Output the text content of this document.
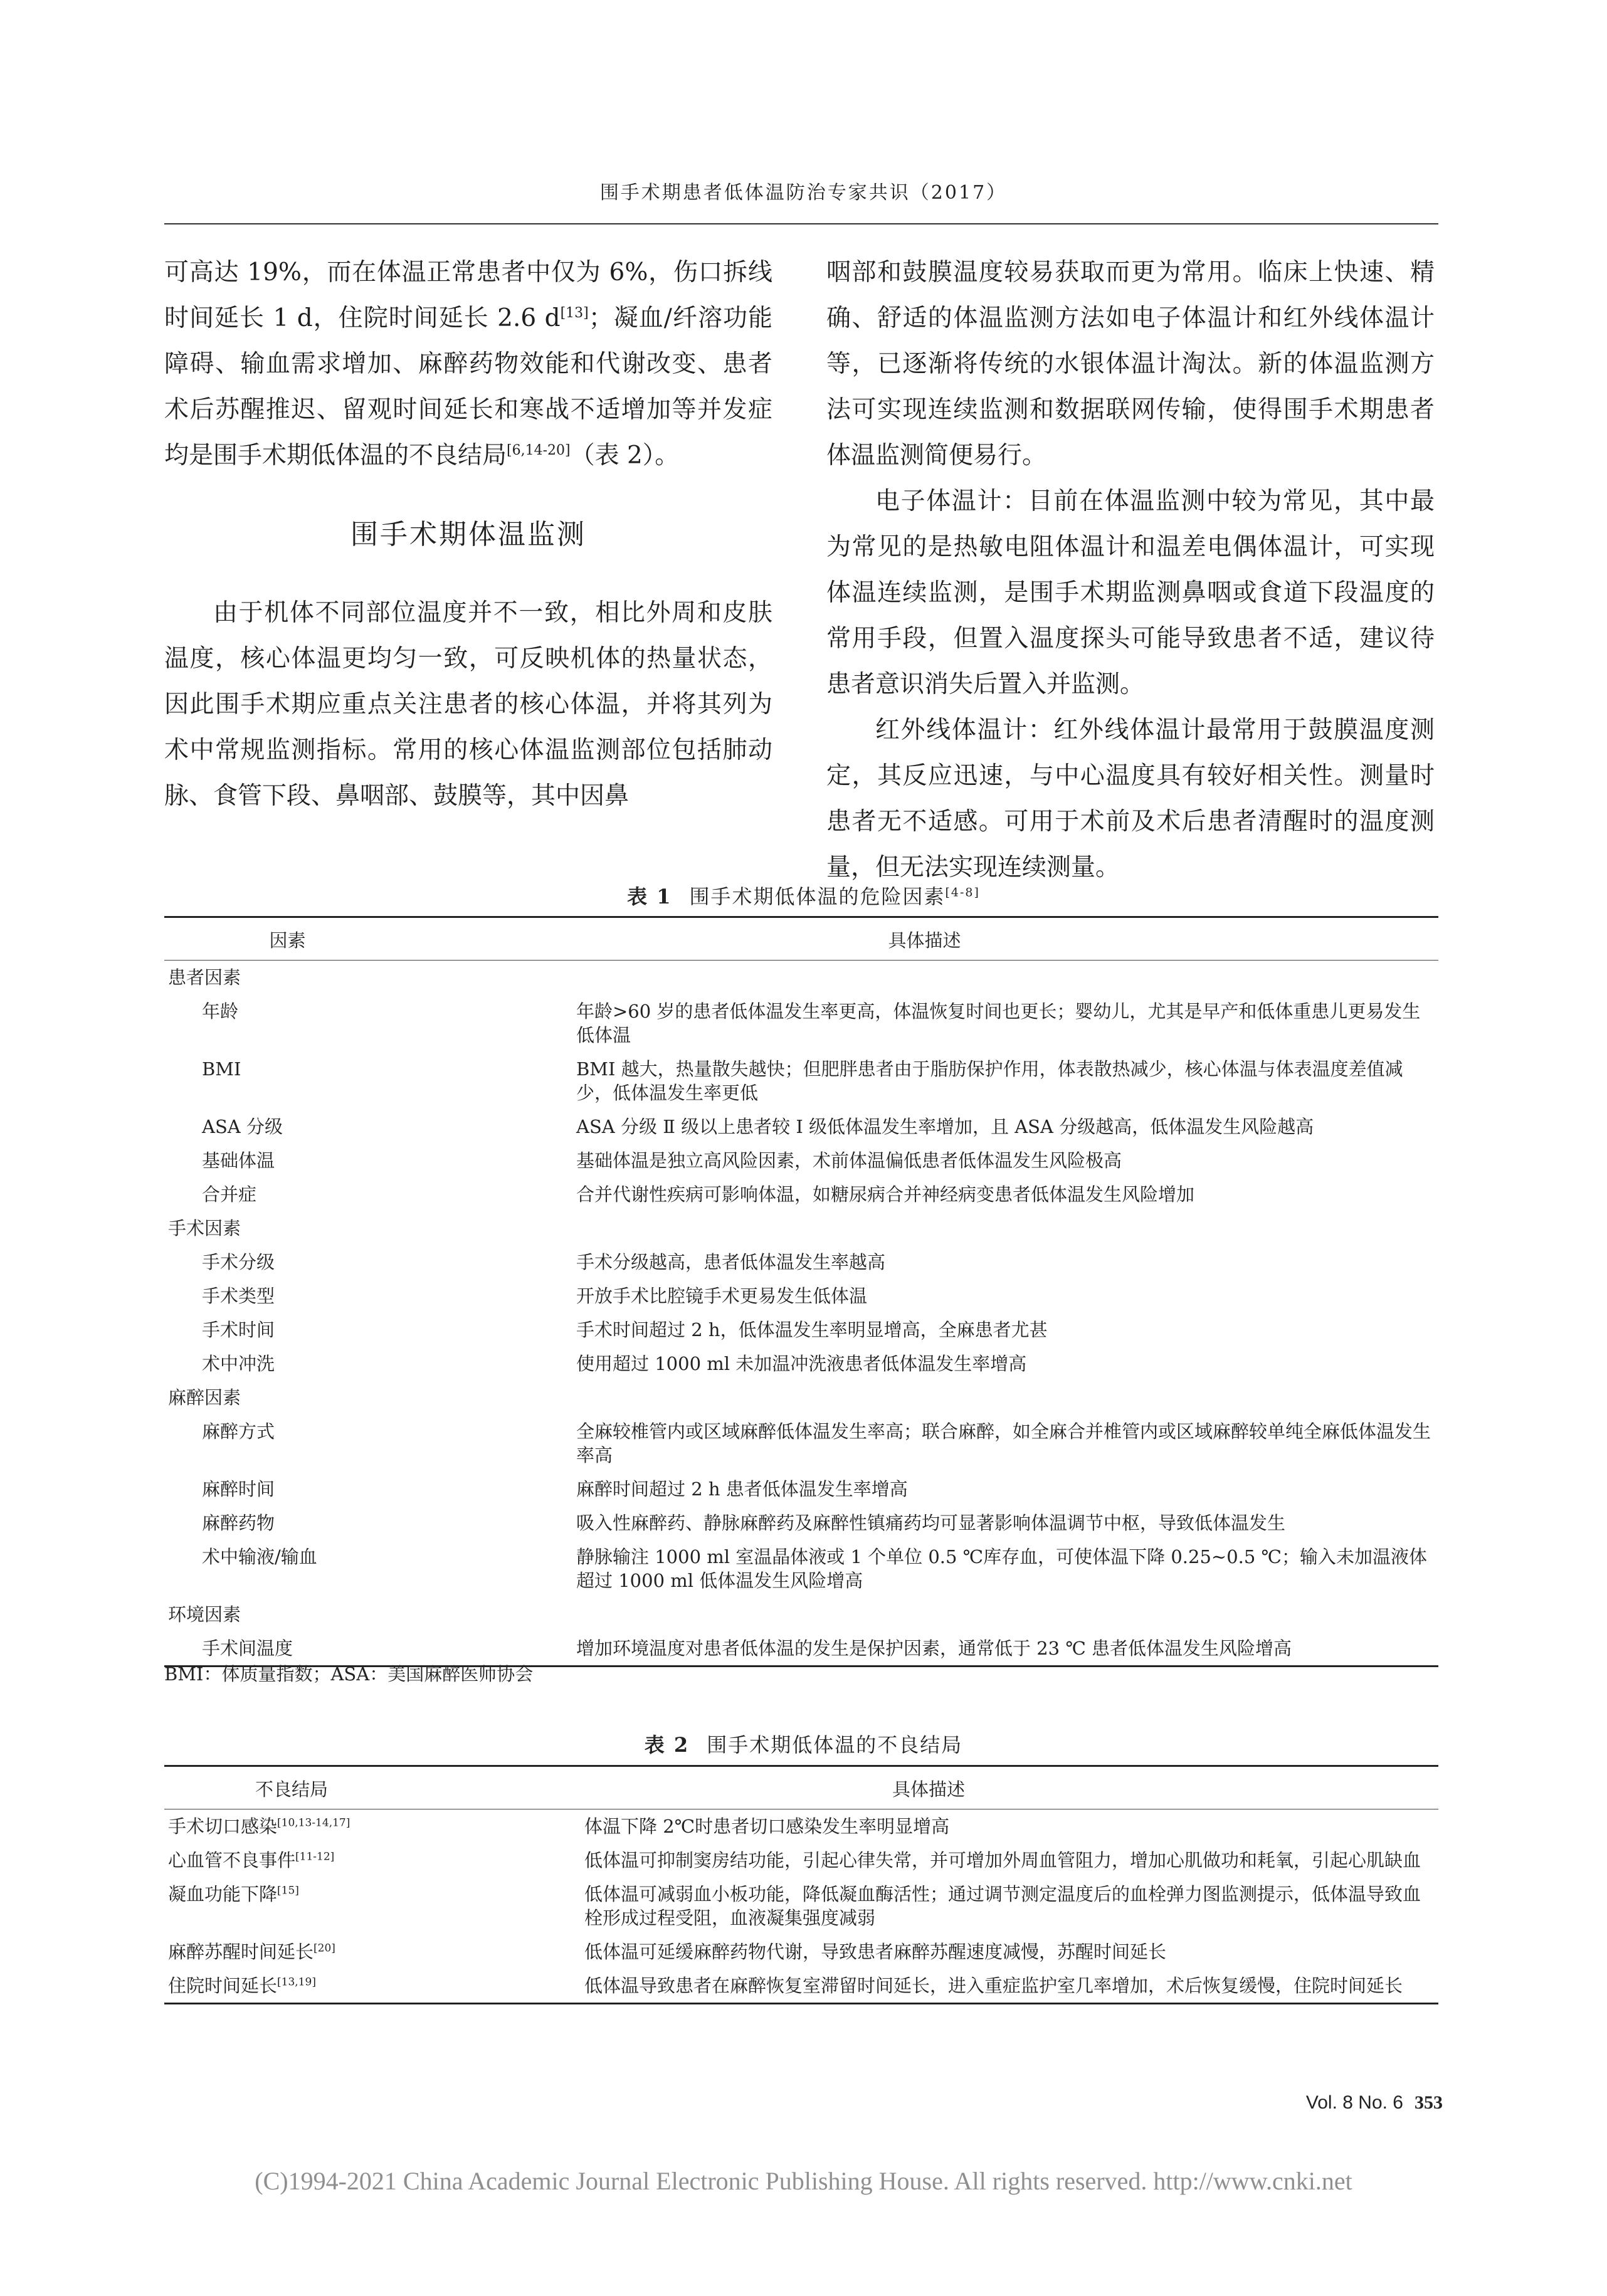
围手术期患者低体温防治专家共识（2017）

可高达 19%，而在体温正常患者中仅为 6%，伤口拆线时间延长 1 d，住院时间延长 2.6 d[13]；凝血/纤溶功能障碍、输血需求增加、麻醉药物效能和代谢改变、患者术后苏醒推迟、留观时间延长和寒战不适增加等并发症均是围手术期低体温的不良结局[6,14-20]（表 2）。

围手术期体温监测

由于机体不同部位温度并不一致，相比外周和皮肤温度，核心体温更均匀一致，可反映机体的热量状态，因此围手术期应重点关注患者的核心体温，并将其列为术中常规监测指标。常用的核心体温监测部位包括肺动脉、食管下段、鼻咽部、鼓膜等，其中因鼻

咽部和鼓膜温度较易获取而更为常用。临床上快速、精确、舒适的体温监测方法如电子体温计和红外线体温计等，已逐渐将传统的水银体温计淘汰。新的体温监测方法可实现连续监测和数据联网传输，使得围手术期患者体温监测简便易行。

电子体温计：目前在体温监测中较为常见，其中最为常见的是热敏电阻体温计和温差电偶体温计，可实现体温连续监测，是围手术期监测鼻咽或食道下段温度的常用手段，但置入温度探头可能导致患者不适，建议待患者意识消失后置入并监测。

红外线体温计：红外线体温计最常用于鼓膜温度测定，其反应迅速，与中心温度具有较好相关性。测量时患者无不适感。可用于术前及术后患者清醒时的温度测量，但无法实现连续测量。

表 1 围手术期低体温的危险因素[4-8]
因素	具体描述
患者因素	
年龄	年龄>60 岁的患者低体温发生率更高，体温恢复时间也更长；婴幼儿，尤其是早产和低体重患儿更易发生低体温
BMI	BMI 越大，热量散失越快；但肥胖患者由于脂肪保护作用，体表散热减少，核心体温与体表温度差值减少，低体温发生率更低
ASA 分级	ASA 分级 Ⅱ 级以上患者较 Ⅰ 级低体温发生率增加，且 ASA 分级越高，低体温发生风险越高
基础体温	基础体温是独立高风险因素，术前体温偏低患者低体温发生风险极高
合并症	合并代谢性疾病可影响体温，如糖尿病合并神经病变患者低体温发生风险增加
手术因素	
手术分级	手术分级越高，患者低体温发生率越高
手术类型	开放手术比腔镜手术更易发生低体温
手术时间	手术时间超过 2 h，低体温发生率明显增高，全麻患者尤甚
术中冲洗	使用超过 1000 ml 未加温冲洗液患者低体温发生率增高
麻醉因素	
麻醉方式	全麻较椎管内或区域麻醉低体温发生率高；联合麻醉，如全麻合并椎管内或区域麻醉较单纯全麻低体温发生率高
麻醉时间	麻醉时间超过 2 h 患者低体温发生率增高
麻醉药物	吸入性麻醉药、静脉麻醉药及麻醉性镇痛药均可显著影响体温调节中枢，导致低体温发生
术中输液/输血	静脉输注 1000 ml 室温晶体液或 1 个单位 0.5 ℃库存血，可使体温下降 0.25~0.5 ℃；输入未加温液体超过 1000 ml 低体温发生风险增高
环境因素	
手术间温度	增加环境温度对患者低体温的发生是保护因素，通常低于 23 ℃ 患者低体温发生风险增高
BMI：体质量指数；ASA：美国麻醉医师协会
表 2 围手术期低体温的不良结局
不良结局	具体描述
手术切口感染[10,13-14,17]	体温下降 2℃时患者切口感染发生率明显增高
心血管不良事件[11-12]	低体温可抑制窦房结功能，引起心律失常，并可增加外周血管阻力，增加心肌做功和耗氧，引起心肌缺血
凝血功能下降[15]	低体温可减弱血小板功能，降低凝血酶活性；通过调节测定温度后的血栓弹力图监测提示，低体温导致血栓形成过程受阻，血液凝集强度减弱
麻醉苏醒时间延长[20]	低体温可延缓麻醉药物代谢，导致患者麻醉苏醒速度减慢，苏醒时间延长
住院时间延长[13,19]	低体温导致患者在麻醉恢复室滞留时间延长，进入重症监护室几率增加，术后恢复缓慢，住院时间延长
Vol. 8 No. 6 353
(C)1994-2021 China Academic Journal Electronic Publishing House. All rights reserved. http://www.cnki.net
